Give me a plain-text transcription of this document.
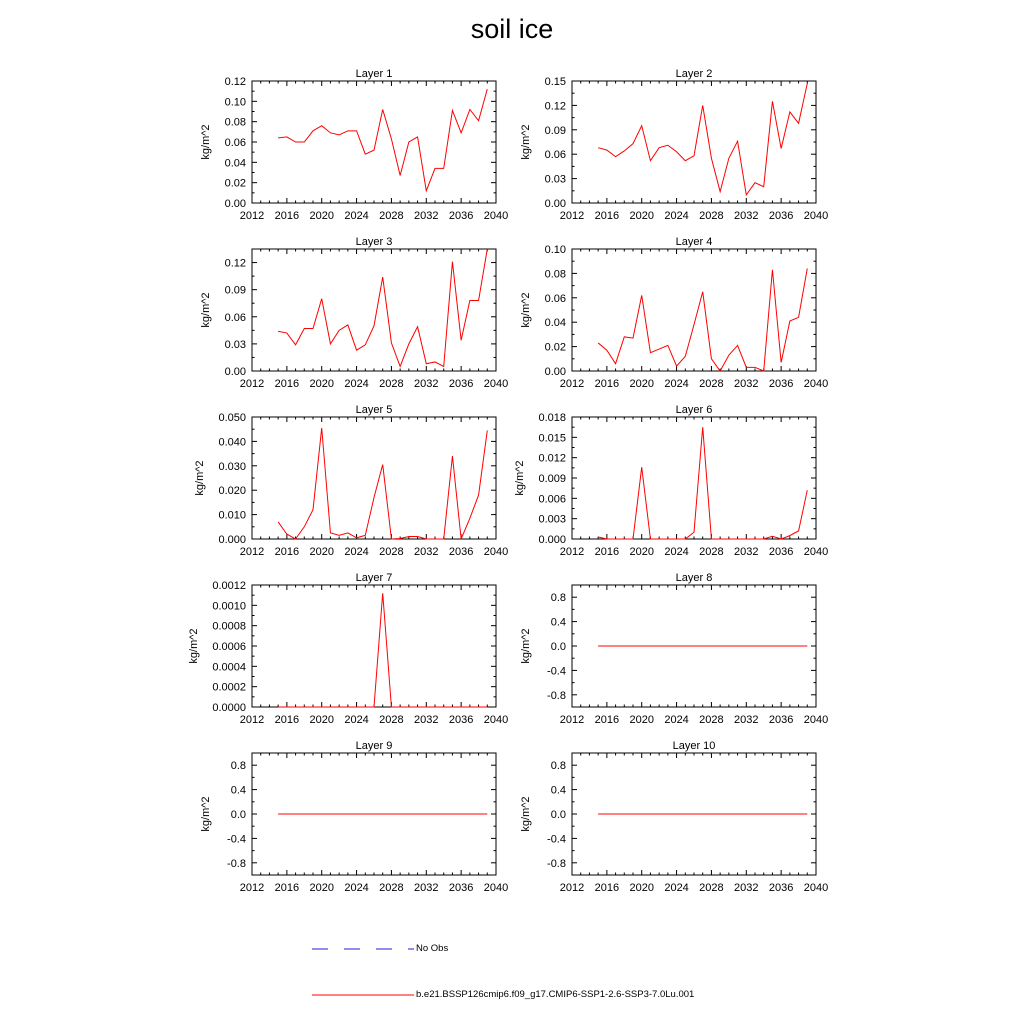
soil ice
Layer 1
2012 2016 2020 2024 2028 2032 2036 2040
0.00
0.02
0.04
0.06
0.08
0.10
0.12
kg/m^2
Layer 2
2012 2016 2020 2024 2028 2032 2036 2040
0.00
0.03
0.06
0.09
0.12
0.15
kg/m^2
Layer 3
2012 2016 2020 2024 2028 2032 2036 2040
0.00
0.03
0.06
0.09
0.12
kg/m^2
Layer 4
2012 2016 2020 2024 2028 2032 2036 2040
0.00
0.02
0.04
0.06
0.08
0.10
kg/m^2
Layer 5
2012 2016 2020 2024 2028 2032 2036 2040
0.000
0.010
0.020
0.030
0.040
0.050
kg/m^2
Layer 6
2012 2016 2020 2024 2028 2032 2036 2040
0.000
0.003
0.006
0.009
0.012
0.015
0.018
kg/m^2
Layer 7
2012 2016 2020 2024 2028 2032 2036 2040
0.0000
0.0002
0.0004
0.0006
0.0008
0.0010
0.0012
kg/m^2
Layer 8
2012 2016 2020 2024 2028 2032 2036 2040
-0.8
-0.4
0.0
0.4
0.8
kg/m^2
Layer 9
2012 2016 2020 2024 2028 2032 2036 2040
-0.8
-0.4
0.0
0.4
0.8
kg/m^2
Layer 10
2012 2016 2020 2024 2028 2032 2036 2040
-0.8
-0.4
0.0
0.4
0.8
kg/m^2
No Obs
b.e21.BSSP126cmip6.f09_g17.CMIP6-SSP1-2.6-SSP3-7.0Lu.001
